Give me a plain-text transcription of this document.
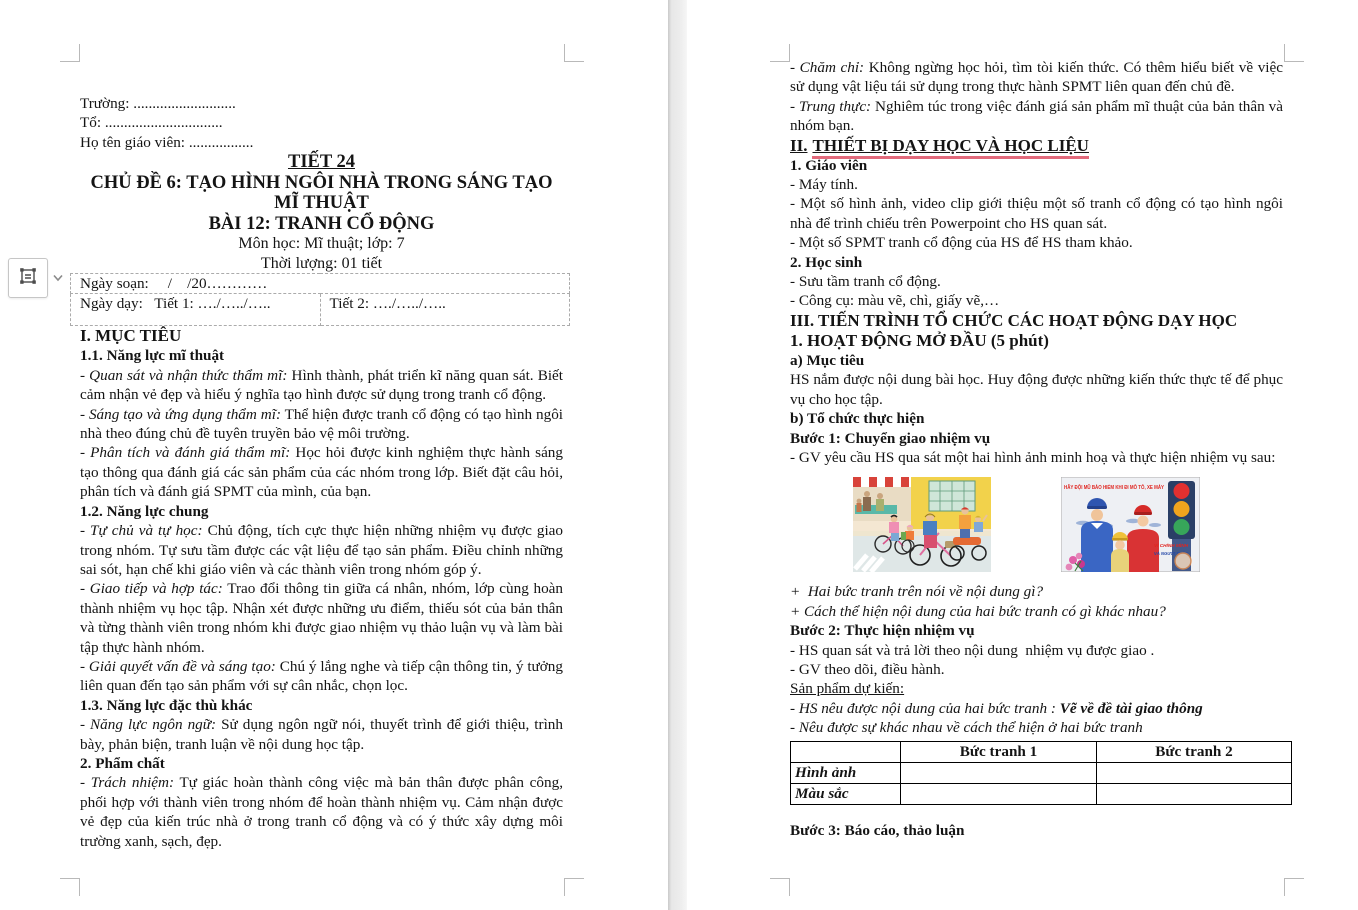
Trường: ...........................
Tổ: ...............................
Họ tên giáo viên: .................
TIẾT 24
CHỦ ĐỀ 6: TẠO HÌNH NGÔI NHÀ TRONG SÁNG TẠO MĨ THUẬT
BÀI 12: TRANH CỔ ĐỘNG
Môn học: Mĩ thuật; lớp: 7
Thời lượng: 01 tiết
Ngày soạn:     /    /20…………
Ngày dạy:   Tiết 1: …./…../…..	Tiết 2: …./…../…..
I. MỤC TIÊU
1.1. Năng lực mĩ thuật
- Quan sát và nhận thức thẩm mĩ: Hình thành, phát triển kĩ năng quan sát. Biết cảm nhận vẻ đẹp và hiểu ý nghĩa tạo hình được sử dụng trong tranh cổ động.
- Sáng tạo và ứng dụng thẩm mĩ: Thể hiện được tranh cổ động có tạo hình ngôi nhà theo đúng chủ đề tuyên truyền bảo vệ môi trường.
- Phân tích và đánh giá thẩm mĩ: Học hỏi được kinh nghiệm thực hành sáng tạo thông qua đánh giá các sản phẩm của các nhóm trong lớp. Biết đặt câu hỏi, phân tích và đánh giá SPMT của mình, của bạn.
1.2. Năng lực chung
- Tự chủ và tự học: Chủ động, tích cực thực hiện những nhiệm vụ được giao trong nhóm. Tự sưu tầm được các vật liệu để tạo sản phẩm. Điều chỉnh những sai sót, hạn chế khi giáo viên và các thành viên trong nhóm góp ý.
- Giao tiếp và hợp tác: Trao đổi thông tin giữa cá nhân, nhóm, lớp cùng hoàn thành nhiệm vụ học tập. Nhận xét được những ưu điểm, thiếu sót của bản thân và từng thành viên trong nhóm khi được giao nhiệm vụ thảo luận vụ và làm bài tập thực hành nhóm.
- Giải quyết vấn đề và sáng tạo: Chú ý lắng nghe và tiếp cận thông tin, ý tưởng liên quan đến tạo sản phẩm với sự cân nhắc, chọn lọc.
1.3. Năng lực đặc thù khác
- Năng lực ngôn ngữ: Sử dụng ngôn ngữ nói, thuyết trình để giới thiệu, trình bày, phản biện, tranh luận về nội dung học tập.
2. Phẩm chất
- Trách nhiệm: Tự giác hoàn thành công việc mà bản thân được phân công, phối hợp với thành viên trong nhóm để hoàn thành nhiệm vụ. Cảm nhận được vẻ đẹp của kiến trúc nhà ở trong tranh cổ động và có ý thức xây dựng môi trường xanh, sạch, đẹp.
- Chăm chỉ: Không ngừng học hỏi, tìm tòi kiến thức. Có thêm hiểu biết về việc sử dụng vật liệu tái sử dụng trong thực hành SPMT liên quan đến chủ đề.
- Trung thực: Nghiêm túc trong việc đánh giá sản phẩm mĩ thuật của bản thân và nhóm bạn.
II. THIẾT BỊ DẠY HỌC VÀ HỌC LIỆU
1. Giáo viên
- Máy tính.
- Một số hình ảnh, video clip giới thiệu một số tranh cổ động có tạo hình ngôi nhà để trình chiếu trên Powerpoint cho HS quan sát.
- Một số SPMT tranh cổ động của HS để HS tham khảo.
2. Học sinh
- Sưu tầm tranh cổ động.
- Công cụ: màu vẽ, chì, giấy vẽ,…
III. TIẾN TRÌNH TỔ CHỨC CÁC HOẠT ĐỘNG DẠY HỌC
1. HOẠT ĐỘNG MỞ ĐẦU (5 phút)
a) Mục tiêu
HS nắm được nội dung bài học. Huy động được những kiến thức thực tế để phục vụ cho học tập.
b) Tổ chức thực hiện
Bước 1: Chuyển giao nhiệm vụ
- GV yêu cầu HS qua sát một hai hình ảnh minh hoạ và thực hiện nhiệm vụ sau:
HÃY ĐỘI MŨ BẢO HIỂM KHI ĐI MÔ TÔ, XE MÁY
VÌ CHÍNH MÌNH
VÀ NGƯỜI THÂN
+  Hai bức tranh trên nói về nội dung gì?
+ Cách thể hiện nội dung của hai bức tranh có gì khác nhau?
Bước 2: Thực hiện nhiệm vụ
- HS quan sát và trả lời theo nội dung  nhiệm vụ được giao .
- GV theo dõi, điều hành.
Sản phẩm dự kiến:
- HS nêu được nội dung của hai bức tranh : Vẽ về đề tài giao thông
- Nêu được sự khác nhau về cách thể hiện ở hai bức tranh
	Bức tranh 1	Bức tranh 2
Hình ảnh		
Màu sắc		
Bước 3: Báo cáo, thảo luận
